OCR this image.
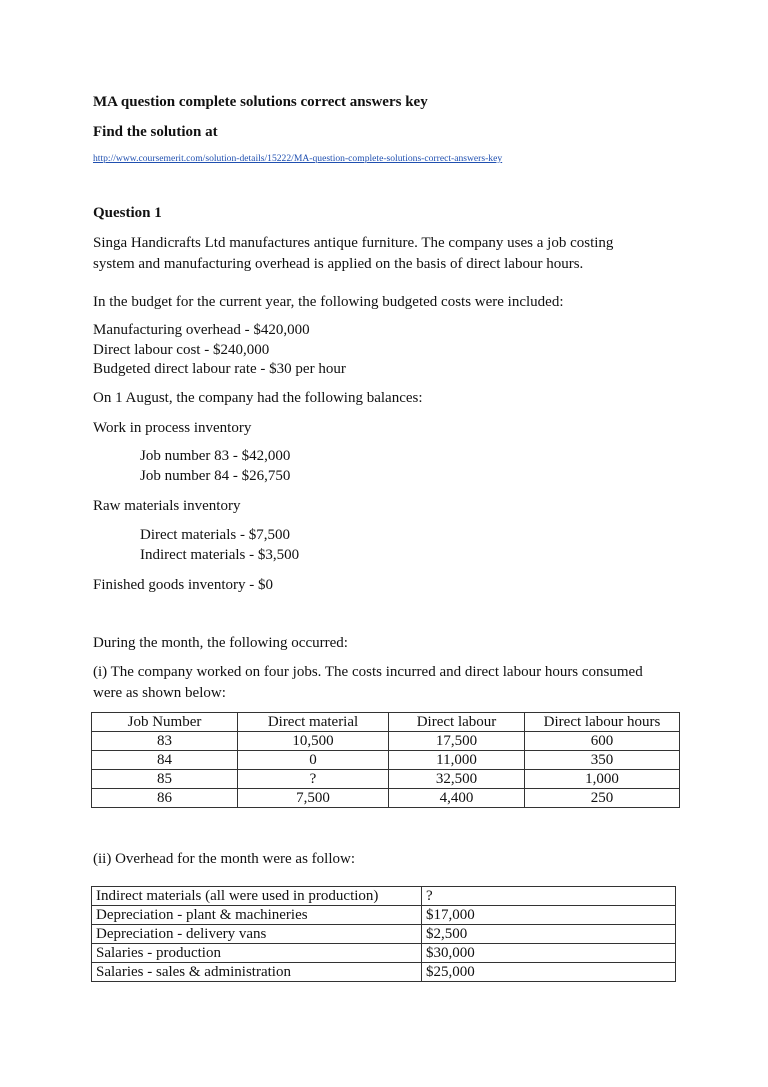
MA question complete solutions correct answers key
Find the solution at
http://www.coursemerit.com/solution-details/15222/MA-question-complete-solutions-correct-answers-key
Question 1
Singa Handicrafts Ltd manufactures antique furniture. The company uses a job costing
system and manufacturing overhead is applied on the basis of direct labour hours.
In the budget for the current year, the following budgeted costs were included:
Manufacturing overhead - $420,000
Direct labour cost - $240,000
Budgeted direct labour rate - $30 per hour
On 1 August, the company had the following balances:
Work in process inventory
Job number 83 - $42,000
Job number 84 - $26,750
Raw materials inventory
Direct materials - $7,500
Indirect materials - $3,500
Finished goods inventory - $0
During the month, the following occurred:
(i) The company worked on four jobs. The costs incurred and direct labour hours consumed
were as shown below:
Job Number	Direct material	Direct labour	Direct labour hours
83	10,500	17,500	600
84	0	11,000	350
85	?	32,500	1,000
86	7,500	4,400	250
(ii) Overhead for the month were as follow:
Indirect materials (all were used in production)	?
Depreciation - plant & machineries	$17,000
Depreciation - delivery vans	$2,500
Salaries - production	$30,000
Salaries - sales & administration	$25,000
